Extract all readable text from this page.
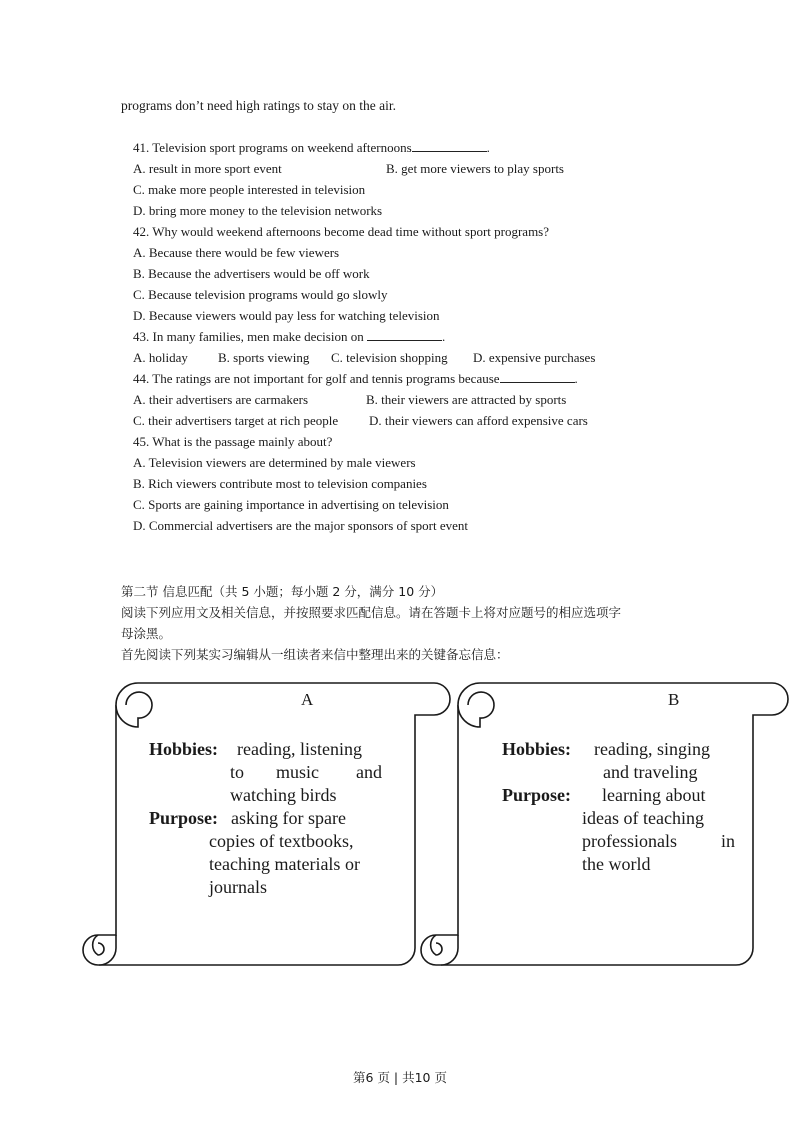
programs don’t need high ratings to stay on the air.
41. Television sport programs on weekend afternoons	.
A. result in more sport event	B. get more viewers to play sports
C. make more people interested in television
D. bring more money to the television networks
42. Why would weekend afternoons become dead time without sport programs?
A. Because there would be few viewers
B. Because the advertisers would be off work
C. Because television programs would go slowly
D. Because viewers would pay less for watching television
43. In many families, men make decision on	.
A. holiday B. sports viewing C. television shopping D. expensive purchases
44. The ratings are not important for golf and tennis programs because	.
A. their advertisers are carmakers	B. their viewers are attracted by sports
C. their advertisers target at rich people D. their viewers can afford expensive cars
45. What is the passage mainly about?
A. Television viewers are determined by male viewers
B. Rich viewers contribute most to television companies
C. Sports are gaining importance in advertising on television
D. Commercial advertisers are the major sponsors of sport event
第二节 信息匹配（共 5 小题；每小题 2 分，满分 10 分）
阅读下列应用文及相关信息，并按照要求匹配信息。请在答题卡上将对应题号的相应选项字
母涂黑。
首先阅读下列某实习编辑从一组读者来信中整理出来的关键备忘信息：
A
Hobbies: reading, listening
to music and
watching birds
Purpose: asking for spare
copies of textbooks,
teaching materials or
journals
B
Hobbies: reading, singing
and traveling
Purpose: learning about
ideas of teaching
professionals in
the world
第6 页 | 共10 页
